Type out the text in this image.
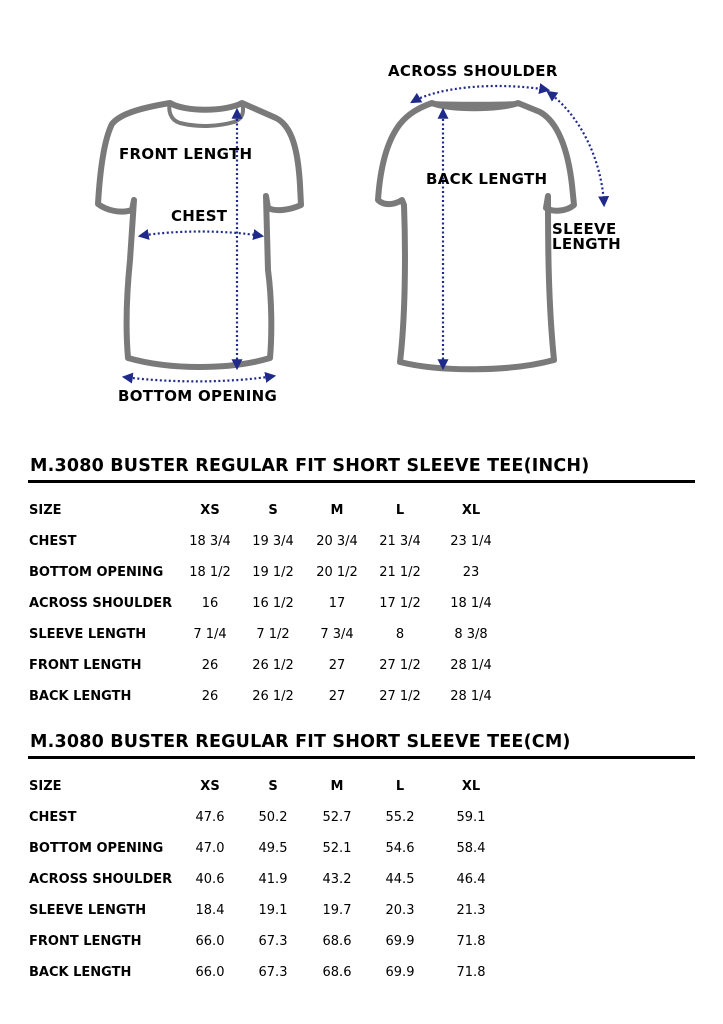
FRONT LENGTH
CHEST
BOTTOM OPENING
ACROSS SHOULDER
BACK LENGTH
SLEEVE
LENGTH
M.3080 BUSTER REGULAR FIT SHORT SLEEVE TEE(INCH)
SIZE	XS	S	M	L	XL
CHEST	18 3/4	19 3/4	20 3/4	21 3/4	23 1/4
BOTTOM OPENING	18 1/2	19 1/2	20 1/2	21 1/2	23
ACROSS SHOULDER	16	16 1/2	17	17 1/2	18 1/4
SLEEVE LENGTH	7 1/4	7 1/2	7 3/4	8	8 3/8
FRONT LENGTH	26	26 1/2	27	27 1/2	28 1/4
BACK LENGTH	26	26 1/2	27	27 1/2	28 1/4
M.3080 BUSTER REGULAR FIT SHORT SLEEVE TEE(CM)
SIZE	XS	S	M	L	XL
CHEST	47.6	50.2	52.7	55.2	59.1
BOTTOM OPENING	47.0	49.5	52.1	54.6	58.4
ACROSS SHOULDER	40.6	41.9	43.2	44.5	46.4
SLEEVE LENGTH	18.4	19.1	19.7	20.3	21.3
FRONT LENGTH	66.0	67.3	68.6	69.9	71.8
BACK LENGTH	66.0	67.3	68.6	69.9	71.8
